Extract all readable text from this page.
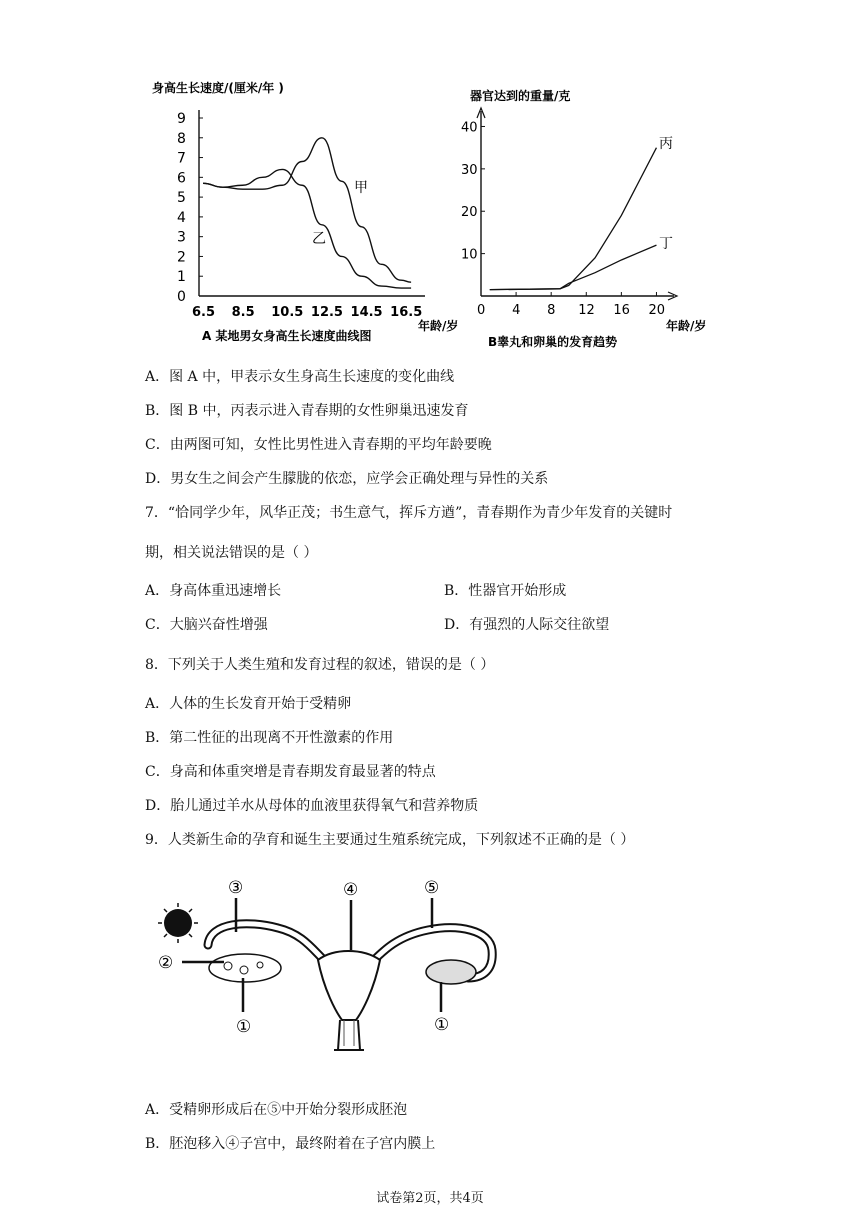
身高生长速度/(厘米/年 )
0
1
2
3
4
5
6
7
8
9
6.5 8.5 10.5 12.5 14.5 16.5
甲
乙
A 某地男女身高生长速度曲线图
年龄/岁
器官达到的重量/克
10
20
30
40
0 4 8 12 16 20
丙
丁
年龄/岁
B睾丸和卵巢的发育趋势
A．图 A 中，甲表示女生身高生长速度的变化曲线
B．图 B 中，丙表示进入青春期的女性卵巢迅速发育
C．由两图可知，女性比男性进入青春期的平均年龄要晚
D．男女生之间会产生朦胧的依恋，应学会正确处理与异性的关系
7．“恰同学少年，风华正茂；书生意气，挥斥方遒”，青春期作为青少年发育的关键时
期，相关说法错误的是（ ）
A．身高体重迅速增长	B．性器官开始形成
C．大脑兴奋性增强	D．有强烈的人际交往欲望
8．下列关于人类生殖和发育过程的叙述，错误的是（ ）
A．人体的生长发育开始于受精卵
B．第二性征的出现离不开性激素的作用
C．身高和体重突增是青春期发育最显著的特点
D．胎儿通过羊水从母体的血液里获得氧气和营养物质
9．人类新生命的孕育和诞生主要通过生殖系统完成，下列叙述不正确的是（ ）
③	④	⑤
②
①	①
A．受精卵形成后在⑤中开始分裂形成胚泡
B．胚泡移入④子宫中，最终附着在子宫内膜上
试卷第2页，共4页
